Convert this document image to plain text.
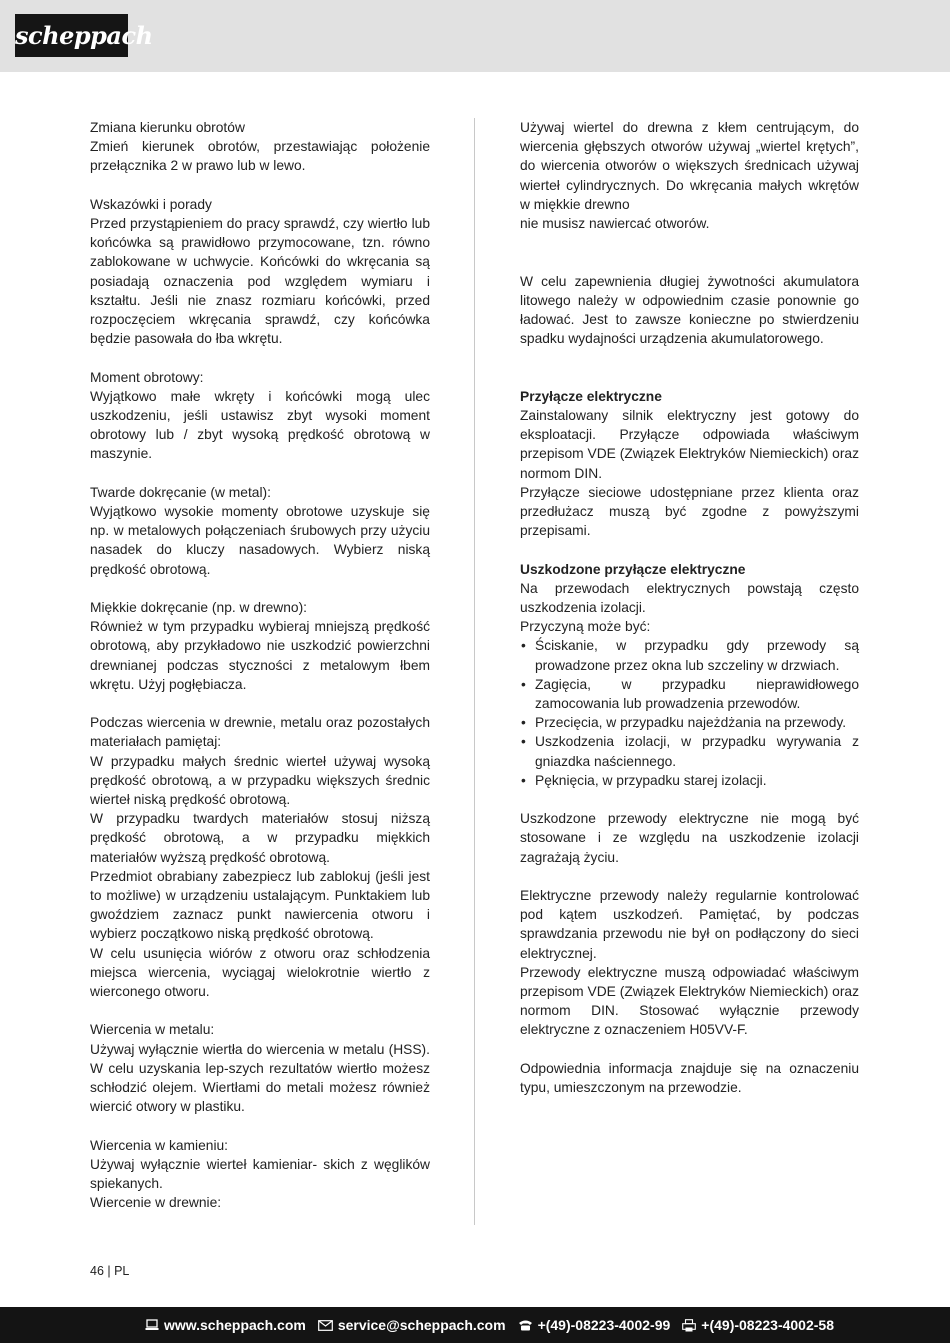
scheppach

Zmiana kierunku obrotów

Zmień kierunek obrotów, przestawiając położenie przełącznika 2 w prawo lub w lewo.

Wskazówki i porady

Przed przystąpieniem do pracy sprawdź, czy wiertło lub końcówka są prawidłowo przymocowane, tzn. równo zablokowane w uchwycie. Końcówki do wkręcania są posiadają oznaczenia pod względem wymiaru i kształtu. Jeśli nie znasz rozmiaru końcówki, przed rozpoczęciem wkręcania sprawdź, czy końcówka będzie pasowała do łba wkrętu.

Moment obrotowy:

Wyjątkowo małe wkręty i końcówki mogą ulec uszkodzeniu, jeśli ustawisz zbyt wysoki moment obrotowy lub / zbyt wysoką prędkość obrotową w maszynie.

Twarde dokręcanie (w metal):

Wyjątkowo wysokie momenty obrotowe uzyskuje się np. w metalowych połączeniach śrubowych przy użyciu nasadek do kluczy nasadowych. Wybierz niską prędkość obrotową.

Miękkie dokręcanie (np. w drewno):

Również w tym przypadku wybieraj mniejszą prędkość obrotową, aby przykładowo nie uszkodzić powierzchni drewnianej podczas styczności z metalowym łbem wkrętu. Użyj pogłębiacza.

Podczas wiercenia w drewnie, metalu oraz pozostałych materiałach pamiętaj:

W przypadku małych średnic wierteł używaj wysoką prędkość obrotową, a w przypadku większych średnic wierteł niską prędkość obrotową.

W przypadku twardych materiałów stosuj niższą prędkość obrotową, a w przypadku miękkich materiałów wyższą prędkość obrotową.

Przedmiot obrabiany zabezpiecz lub zablokuj (jeśli jest to możliwe) w urządzeniu ustalającym. Punktakiem lub gwoździem zaznacz punkt nawiercenia otworu i wybierz początkowo niską prędkość obrotową.

W celu usunięcia wiórów z otworu oraz schłodzenia miejsca wiercenia, wyciągaj wielokrotnie wiertło z wierconego otworu.

Wiercenia w metalu:

Używaj wyłącznie wiertła do wiercenia w metalu (HSS). W celu uzyskania lep-szych rezultatów wiertło możesz schłodzić olejem. Wiertłami do metali możesz również wiercić otwory w plastiku.

Wiercenia w kamieniu:

Używaj wyłącznie wierteł kamieniar- skich z węglików spiekanych.

Wiercenie w drewnie:

Używaj wiertel do drewna z kłem centrującym, do wiercenia głębszych otworów używaj „wiertel krętych”, do wiercenia otworów o większych średnicach używaj wierteł cylindrycznych. Do wkręcania małych wkrętów w miękkie drewno

nie musisz nawiercać otworów.

W celu zapewnienia długiej żywotności akumulatora litowego należy w odpowiednim czasie ponownie go ładować. Jest to zawsze konieczne po stwierdzeniu spadku wydajności urządzenia akumulatorowego.

Przyłącze elektryczne

Zainstalowany silnik elektryczny jest gotowy do eksploatacji. Przyłącze odpowiada właściwym przepisom VDE (Związek Elektryków Niemieckich) oraz normom DIN.

Przyłącze sieciowe udostępniane przez klienta oraz przedłużacz muszą być zgodne z powyższymi przepisami.

Uszkodzone przyłącze elektryczne

Na przewodach elektrycznych powstają często uszkodzenia izolacji.

Przyczyną może być:

• Ściskanie, w przypadku gdy przewody są prowadzone przez okna lub szczeliny w drzwiach.
• Zagięcia, w przypadku nieprawidłowego zamocowania lub prowadzenia przewodów.
• Przecięcia, w przypadku najeżdżania na przewody.
• Uszkodzenia izolacji, w przypadku wyrywania z gniazdka naściennego.
• Pęknięcia, w przypadku starej izolacji.

Uszkodzone przewody elektryczne nie mogą być stosowane i ze względu na uszkodzenie izolacji zagrażają życiu.

Elektryczne przewody należy regularnie kontrolować pod kątem uszkodzeń. Pamiętać, by podczas sprawdzania przewodu nie był on podłączony do sieci elektrycznej.

Przewody elektryczne muszą odpowiadać właściwym przepisom VDE (Związek Elektryków Niemieckich) oraz normom DIN. Stosować wyłącznie przewody elektryczne z oznaczeniem H05VV-F.

Odpowiednia informacja znajduje się na oznaczeniu typu, umieszczonym na przewodzie.

46 | PL
www.scheppach.com service@scheppach.com +(49)-08223-4002-99 +(49)-08223-4002-58
